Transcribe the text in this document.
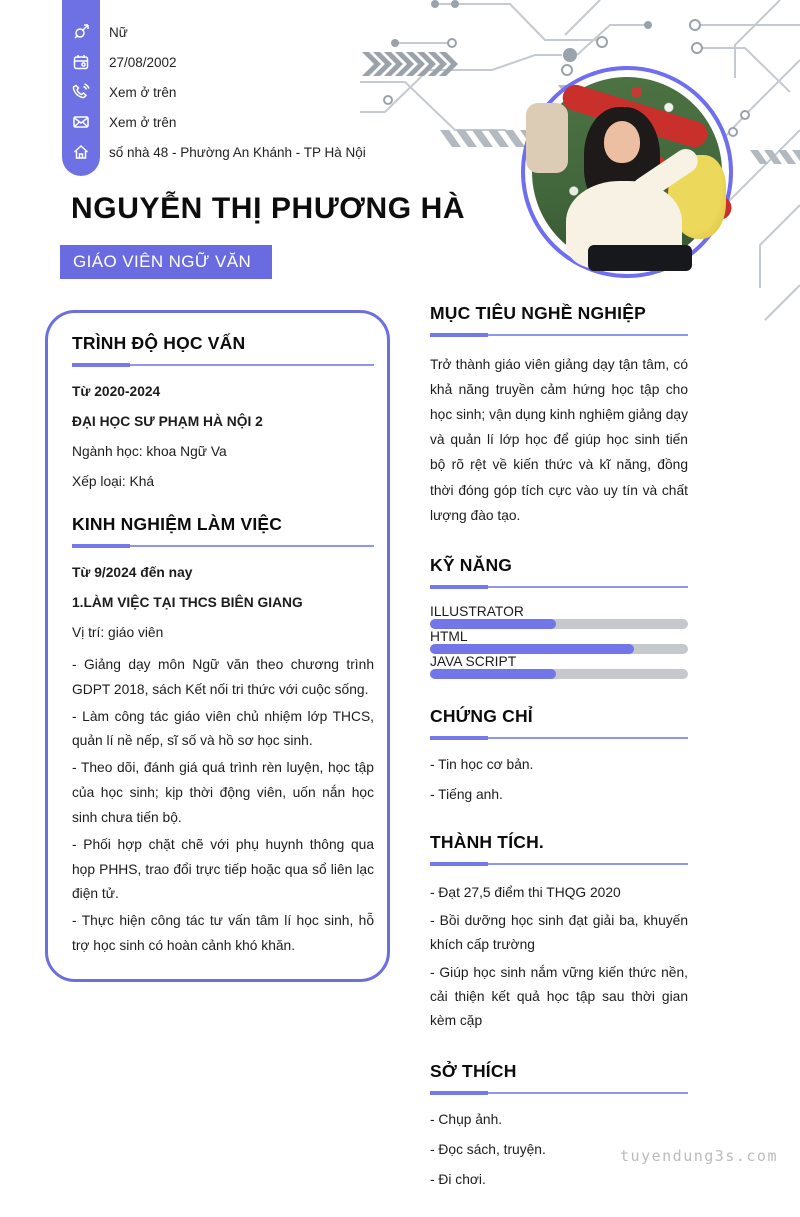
Nữ
27/08/2002
Xem ở trên
Xem ở trên
số nhà 48 - Phường An Khánh - TP Hà Nội
NGUYỄN THỊ PHƯƠNG HÀ
GIÁO VIÊN NGỮ VĂN
TRÌNH ĐỘ HỌC VẤN

Từ 2020-2024

ĐẠI HỌC SƯ PHẠM HÀ NỘI 2

Ngành học: khoa Ngữ Va

Xếp loại: Khá

KINH NGHIỆM LÀM VIỆC

Từ 9/2024 đến nay

1.LÀM VIỆC TẠI THCS BIÊN GIANG

Vị trí: giáo viên

- Giảng dạy môn Ngữ văn theo chương trình GDPT 2018, sách Kết nối tri thức với cuộc sống.

- Làm công tác giáo viên chủ nhiệm lớp THCS, quản lí nề nếp, sĩ số và hồ sơ học sinh.

- Theo dõi, đánh giá quá trình rèn luyện, học tập của học sinh; kịp thời động viên, uốn nắn học sinh chưa tiến bộ.

- Phối hợp chặt chẽ với phụ huynh thông qua họp PHHS, trao đổi trực tiếp hoặc qua sổ liên lạc điện tử.

- Thực hiện công tác tư vấn tâm lí học sinh, hỗ trợ học sinh có hoàn cảnh khó khăn.

MỤC TIÊU NGHỀ NGHIỆP

Trở thành giáo viên giảng dạy tận tâm, có khả năng truyền cảm hứng học tập cho học sinh; vận dụng kinh nghiệm giảng dạy và quản lí lớp học để giúp học sinh tiến bộ rõ rệt về kiến thức và kĩ năng, đồng thời đóng góp tích cực vào uy tín và chất lượng đào tạo.

KỸ NĂNG

ILLUSTRATOR

HTML

JAVA SCRIPT

CHỨNG CHỈ

- Tin học cơ bản.

- Tiếng anh.

THÀNH TÍCH.

- Đạt 27,5 điểm thi THQG 2020

- Bồi dưỡng học sinh đạt giải ba, khuyến khích cấp trường

- Giúp học sinh nắm vững kiến thức nền, cải thiện kết quả học tập sau thời gian kèm cặp

SỞ THÍCH

- Chụp ảnh.

- Đọc sách, truyện.

- Đi chơi.

tuyendung3s.com
